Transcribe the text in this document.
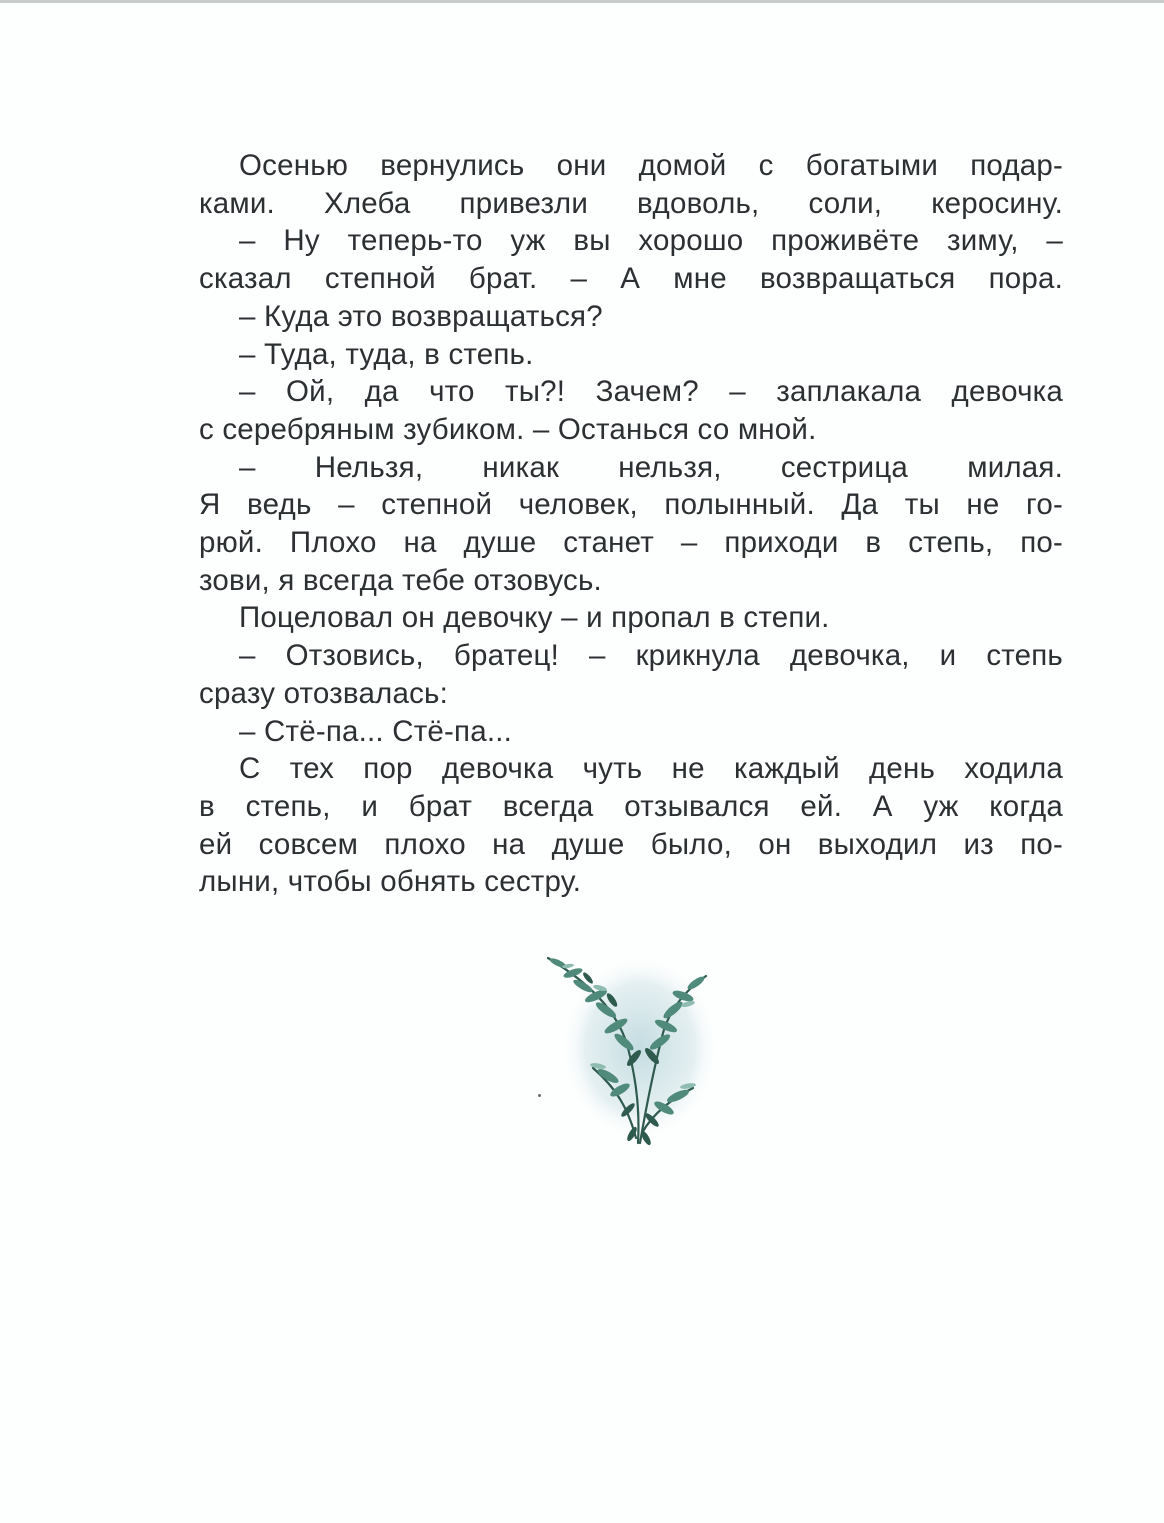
Осенью вернулись они домой с богатыми подар-
ками. Хлеба привезли вдоволь, соли, керосину.
– Ну теперь-то уж вы хорошо проживёте зиму, –
сказал степной брат. – А мне возвращаться пора.
– Куда это возвращаться?
– Туда, туда, в степь.
– Ой, да что ты?! Зачем? – заплакала девочка
с серебряным зубиком. – Останься со мной.
– Нельзя, никак нельзя, сестрица милая.
Я ведь – степной человек, полынный. Да ты не го-
рюй. Плохо на душе станет – приходи в степь, по-
зови, я всегда тебе отзовусь.
Поцеловал он девочку – и пропал в степи.
– Отзовись, братец! – крикнула девочка, и степь
сразу отозвалась:
– Стё-па... Стё-па...
С тех пор девочка чуть не каждый день ходила
в степь, и брат всегда отзывался ей. А уж когда
ей совсем плохо на душе было, он выходил из по-
лыни, чтобы обнять сестру.
